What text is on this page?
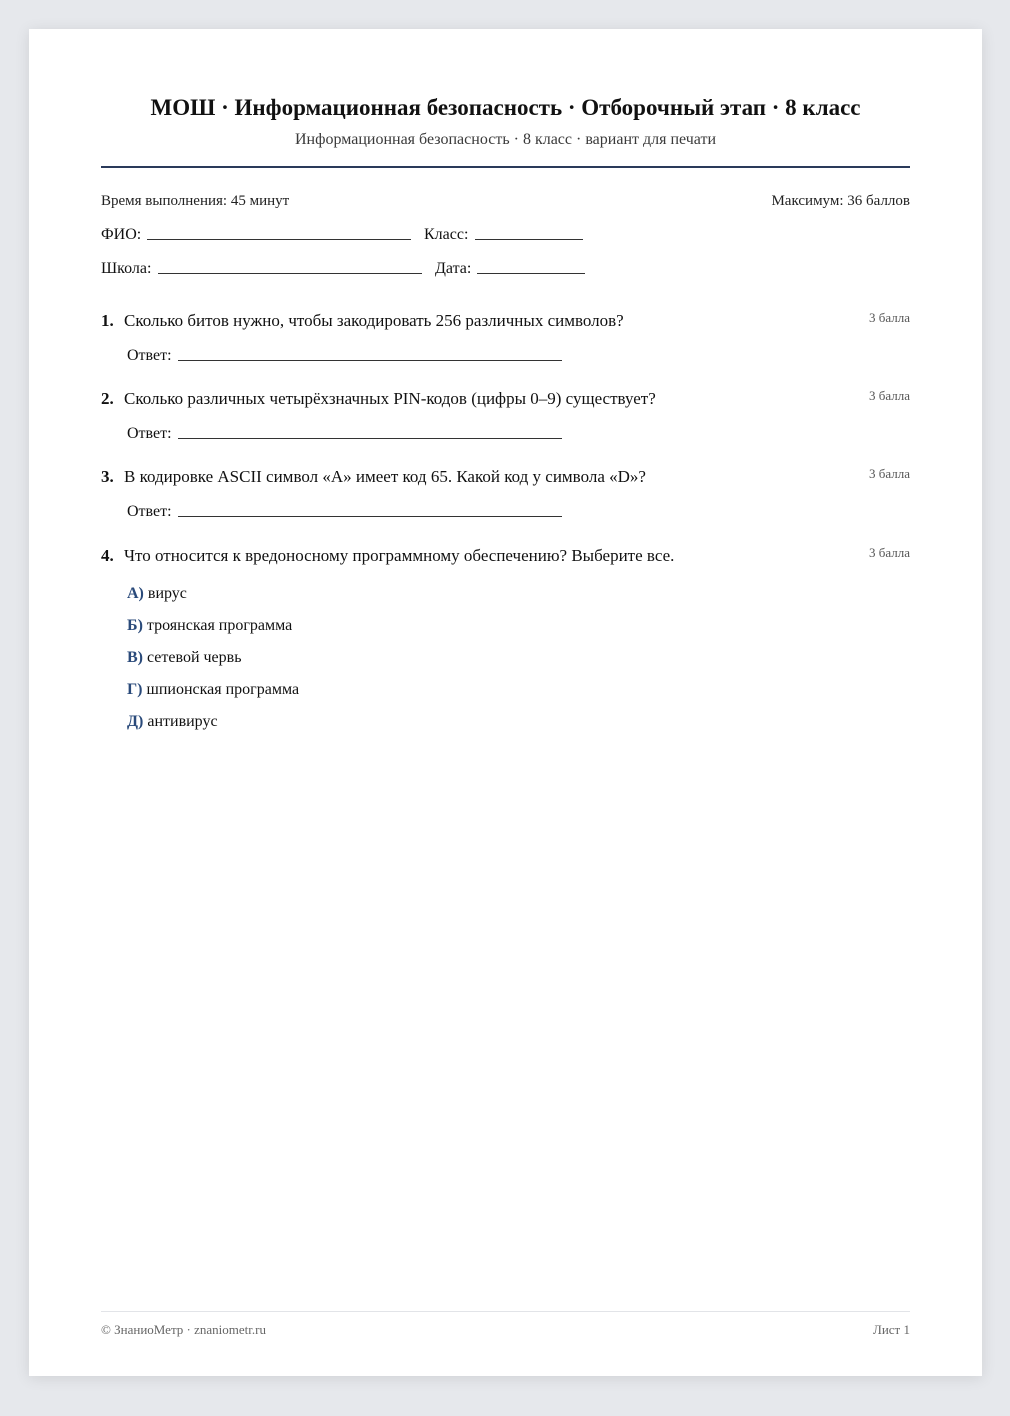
МОШ · Информационная безопасность · Отборочный этап · 8 класс
Информационная безопасность · 8 класс · вариант для печати
Время выполнения: 45 минут	Максимум: 36 баллов
ФИО:	Класс:
Школа:	Дата:
1. Сколько битов нужно, чтобы закодировать 256 различных символов?	3 балла
Ответ:
2. Сколько различных четырёхзначных PIN-кодов (цифры 0–9) существует?	3 балла
Ответ:
3. В кодировке ASCII символ «A» имеет код 65. Какой код у символа «D»?	3 балла
Ответ:
4. Что относится к вредоносному программному обеспечению? Выберите все.	3 балла
А) вирус
Б) троянская программа
В) сетевой червь
Г) шпионская программа
Д) антивирус
© ЗнаниоМетр · znaniometr.ru	Лист 1
